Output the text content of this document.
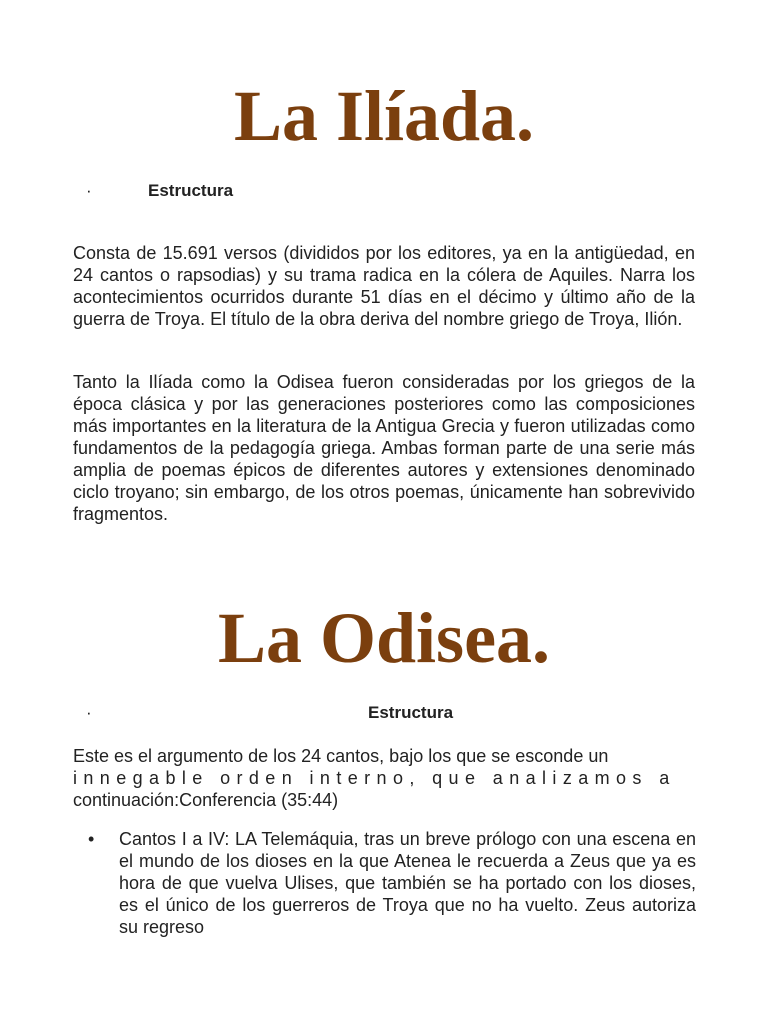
La Ilíada.
·	Estructura

Consta de 15.691 versos (divididos por los editores, ya en la antigüedad, en 24 cantos o rapsodias) y su trama radica en la cólera de Aquiles. Narra los acontecimientos ocurridos durante 51 días en el décimo y último año de la guerra de Troya. El título de la obra deriva del nombre griego de Troya, Ilión.

Tanto la Ilíada como la Odisea fueron consideradas por los griegos de la época clásica y por las generaciones posteriores como las composiciones más importantes en la literatura de la Antigua Grecia y fueron utilizadas como fundamentos de la pedagogía griega. Ambas forman parte de una serie más amplia de poemas épicos de diferentes autores y extensiones denominado ciclo troyano; sin embargo, de los otros poemas, únicamente han sobrevivido fragmentos.

La Odisea.
·	Estructura

Este es el argumento de los 24 cantos, bajo los que se esconde un
innegable orden interno, que analizamos a
continuación:Conferencia (35:44)

• Cantos I a IV: LA Telemáquia, tras un breve prólogo con una escena en el mundo de los dioses en la que Atenea le recuerda a Zeus que ya es hora de que vuelva Ulises, que también se ha portado con los dioses, es el único de los guerreros de Troya que no ha vuelto. Zeus autoriza su regreso
